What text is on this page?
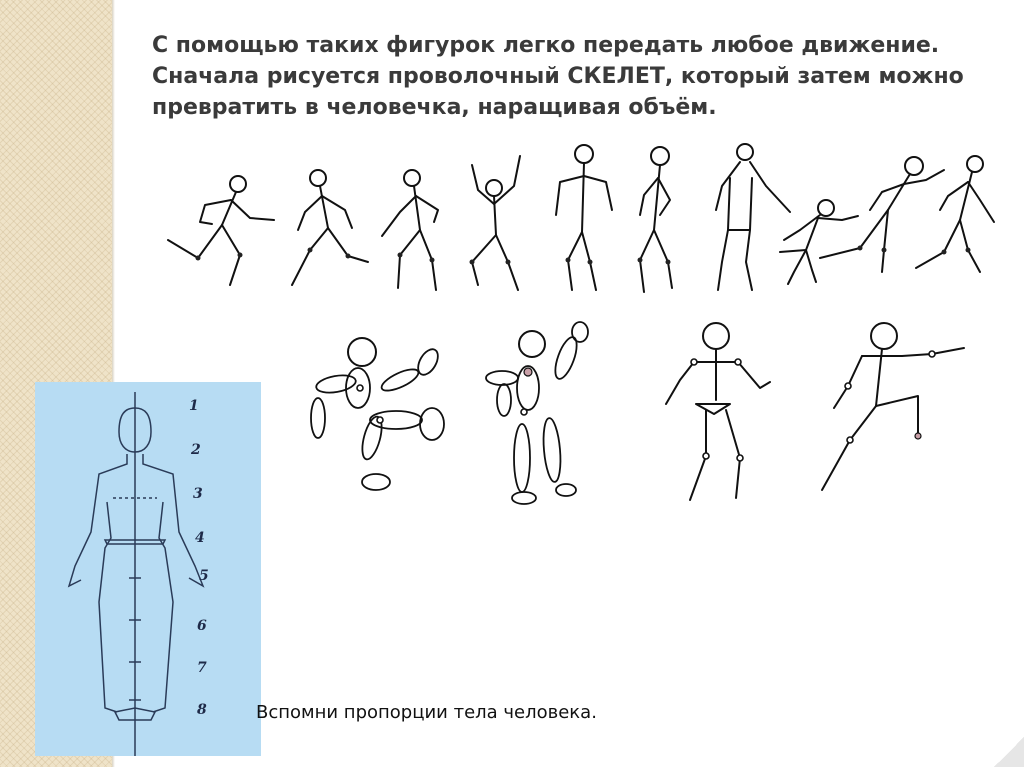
С помощью таких фигурок легко передать любое движение.
Сначала рисуется проволочный СКЕЛЕТ, который затем можно
превратить в человечка, наращивая объём.
1
2
3
4
5
6
7
8	Вспомни пропорции тела человека.
